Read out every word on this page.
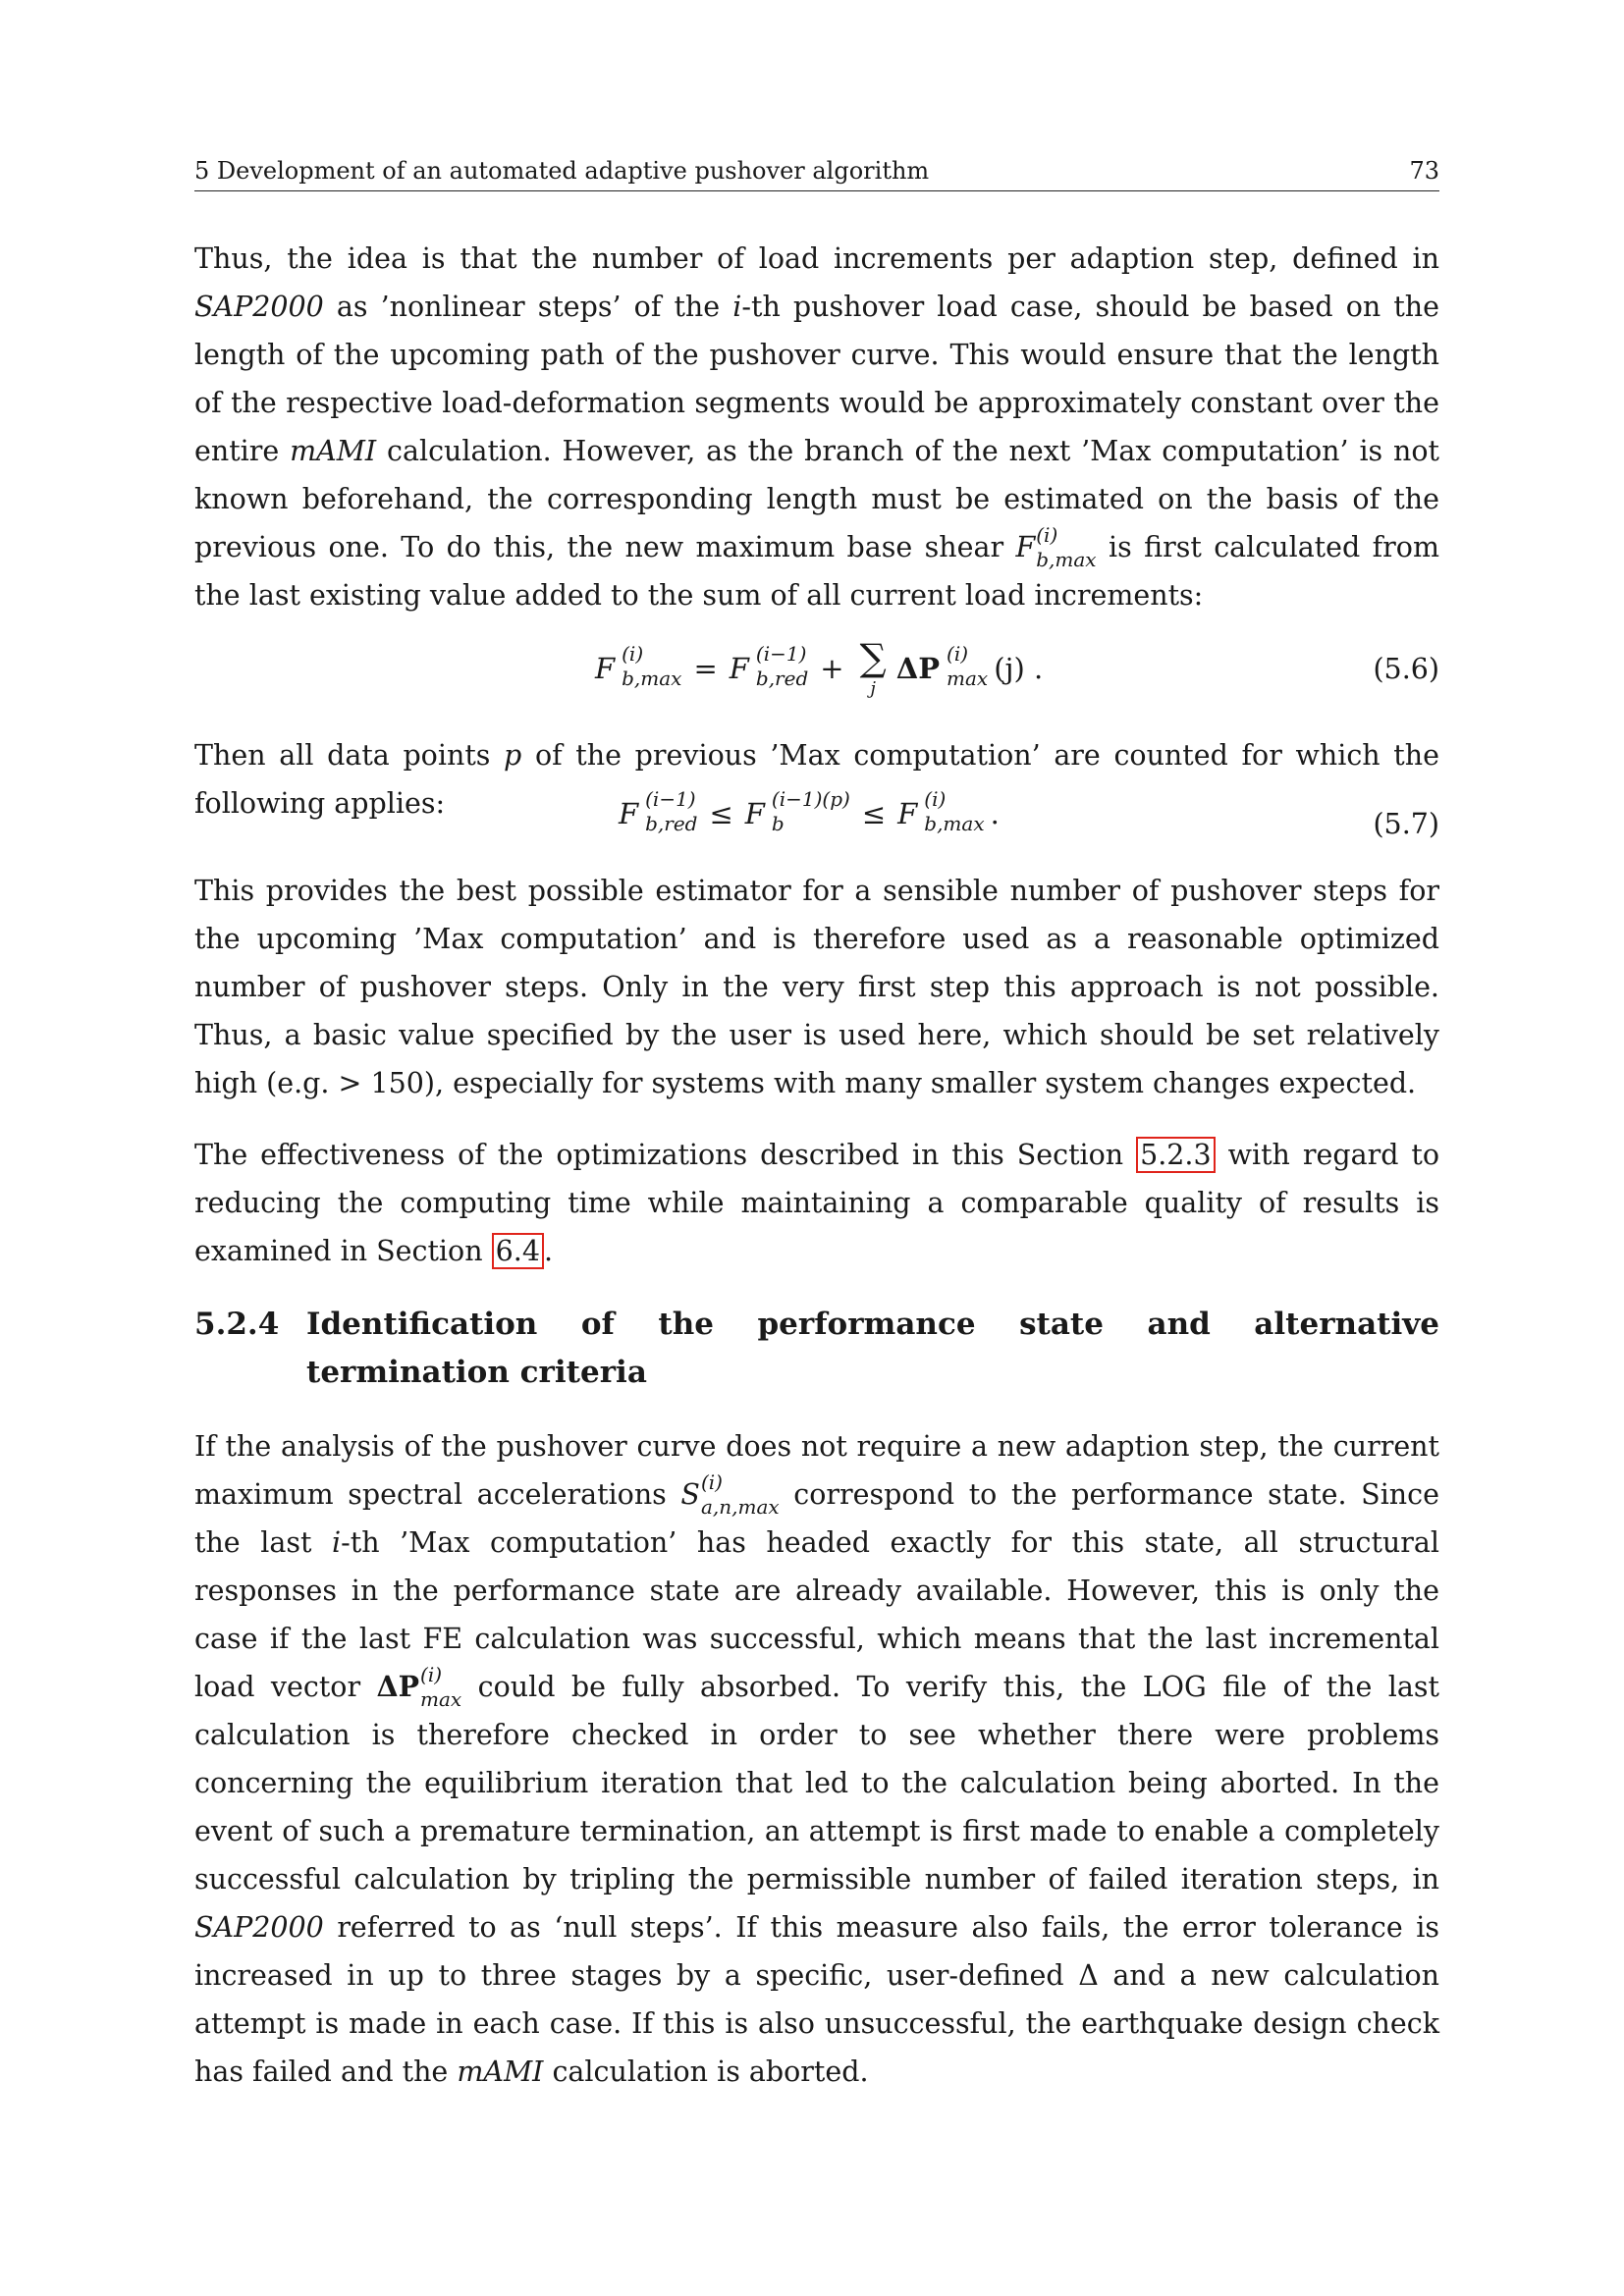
5 Development of an automated adaptive pushover algorithm	73

Thus, the idea is that the number of load increments per adaption step, defined in SAP2000 as ’nonlinear steps’ of the i-th pushover load case, should be based on the length of the upcoming path of the pushover curve. This would ensure that the length of the respective load-deformation segments would be approximately constant over the entire mAMI calculation. However, as the branch of the next ’Max computation’ is not known beforehand, the corresponding length must be estimated on the basis of the previous one. To do this, the new maximum base shear F (i)
b,max is first calculated from the last existing value added to the sum of all current load increments:

F (i)
b,max = F (i−1)
b,red + ∑
j
ΔP (i)
max (j) .	(5.6)

Then all data points p of the previous ’Max computation’ are counted for which the following applies:	F (i−1)
b,red ≤ F (i−1)(p)
b	≤ F (i)
b,max .	(5.7)

This provides the best possible estimator for a sensible number of pushover steps for the upcoming ’Max computation’ and is therefore used as a reasonable optimized number of pushover steps. Only in the very first step this approach is not possible. Thus, a basic value specified by the user is used here, which should be set relatively high (e.g. > 150), especially for systems with many smaller system changes expected.

The effectiveness of the optimizations described in this Section 5.2.3 with regard to reducing the computing time while maintaining a comparable quality of results is examined in Section 6.4 .

5.2.4 Identification of the performance state and alternative termination criteria

If the analysis of the pushover curve does not require a new adaption step, the current maximum spectral accelerations S (i)
a,n,max correspond to the performance state. Since the last i-th ’Max computation’ has headed exactly for this state, all structural responses in the performance state are already available. However, this is only the case if the last FE calculation was successful, which means that the last incremental load vector ΔP (i)
max could be fully absorbed. To verify this, the LOG file of the last calculation is therefore checked in order to see whether there were problems concerning the equilibrium iteration that led to the calculation being aborted. In the event of such a premature termination, an attempt is first made to enable a completely successful calculation by tripling the permissible number of failed iteration steps, in SAP2000 referred to as ‘null steps’. If this measure also fails, the error tolerance is increased in up to three stages by a specific, user-defined Δ and a new calculation attempt is made in each case. If this is also unsuccessful, the earthquake design check has failed and the mAMI calculation is aborted.
